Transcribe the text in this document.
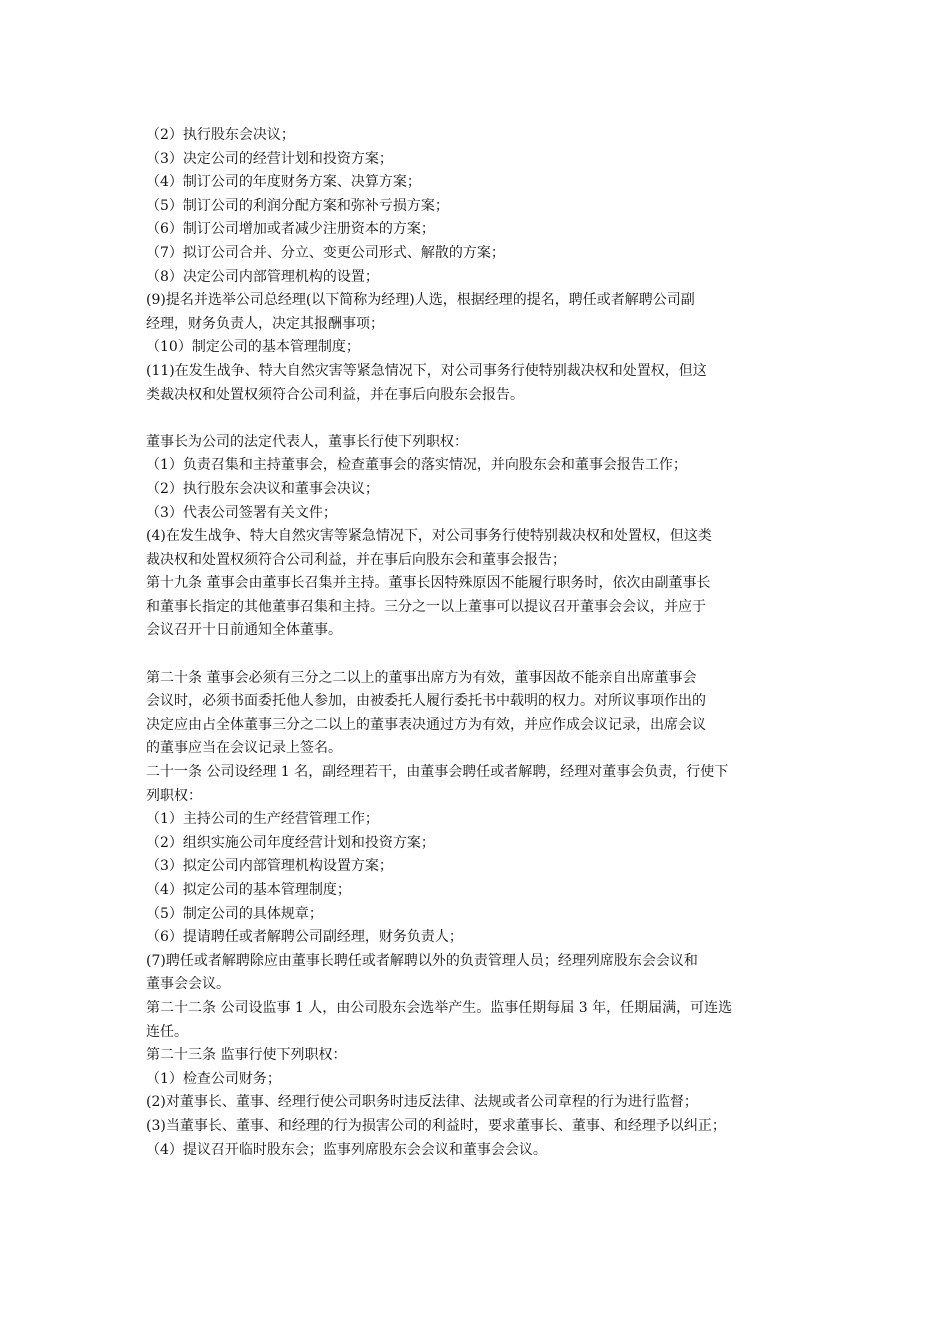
（2）执行股东会决议；
（3）决定公司的经营计划和投资方案；
（4）制订公司的年度财务方案、决算方案；
（5）制订公司的利润分配方案和弥补亏损方案；
（6）制订公司增加或者减少注册资本的方案；
（7）拟订公司合并、分立、变更公司形式、解散的方案；
（8）决定公司内部管理机构的设置；
(9)提名并选举公司总经理(以下简称为经理)人选，根据经理的提名，聘任或者解聘公司副
经理，财务负责人，决定其报酬事项；
（10）制定公司的基本管理制度；
(11)在发生战争、特大自然灾害等紧急情况下，对公司事务行使特别裁决权和处置权，但这
类裁决权和处置权须符合公司利益，并在事后向股东会报告。
董事长为公司的法定代表人，董事长行使下列职权：
（1）负责召集和主持董事会，检查董事会的落实情况，并向股东会和董事会报告工作；
（2）执行股东会决议和董事会决议；
（3）代表公司签署有关文件；
(4)在发生战争、特大自然灾害等紧急情况下，对公司事务行使特别裁决权和处置权，但这类
裁决权和处置权须符合公司利益，并在事后向股东会和董事会报告；
第十九条 董事会由董事长召集并主持。董事长因特殊原因不能履行职务时，依次由副董事长
和董事长指定的其他董事召集和主持。三分之一以上董事可以提议召开董事会会议，并应于
会议召开十日前通知全体董事。
第二十条 董事会必须有三分之二以上的董事出席方为有效，董事因故不能亲自出席董事会
会议时，必须书面委托他人参加，由被委托人履行委托书中载明的权力。对所议事项作出的
决定应由占全体董事三分之二以上的董事表决通过方为有效，并应作成会议记录，出席会议
的董事应当在会议记录上签名。
二十一条 公司设经理 1 名，副经理若干，由董事会聘任或者解聘，经理对董事会负责，行使下
列职权：
（1）主持公司的生产经营管理工作；
（2）组织实施公司年度经营计划和投资方案；
（3）拟定公司内部管理机构设置方案；
（4）拟定公司的基本管理制度；
（5）制定公司的具体规章；
（6）提请聘任或者解聘公司副经理，财务负责人；
(7)聘任或者解聘除应由董事长聘任或者解聘以外的负责管理人员；经理列席股东会会议和
董事会会议。
第二十二条 公司设监事 1 人，由公司股东会选举产生。监事任期每届 3 年，任期届满，可连选
连任。
第二十三条 监事行使下列职权：
（1）检查公司财务；
(2)对董事长、董事、经理行使公司职务时违反法律、法规或者公司章程的行为进行监督；
(3)当董事长、董事、和经理的行为损害公司的利益时，要求董事长、董事、和经理予以纠正；
（4）提议召开临时股东会；监事列席股东会会议和董事会会议。
